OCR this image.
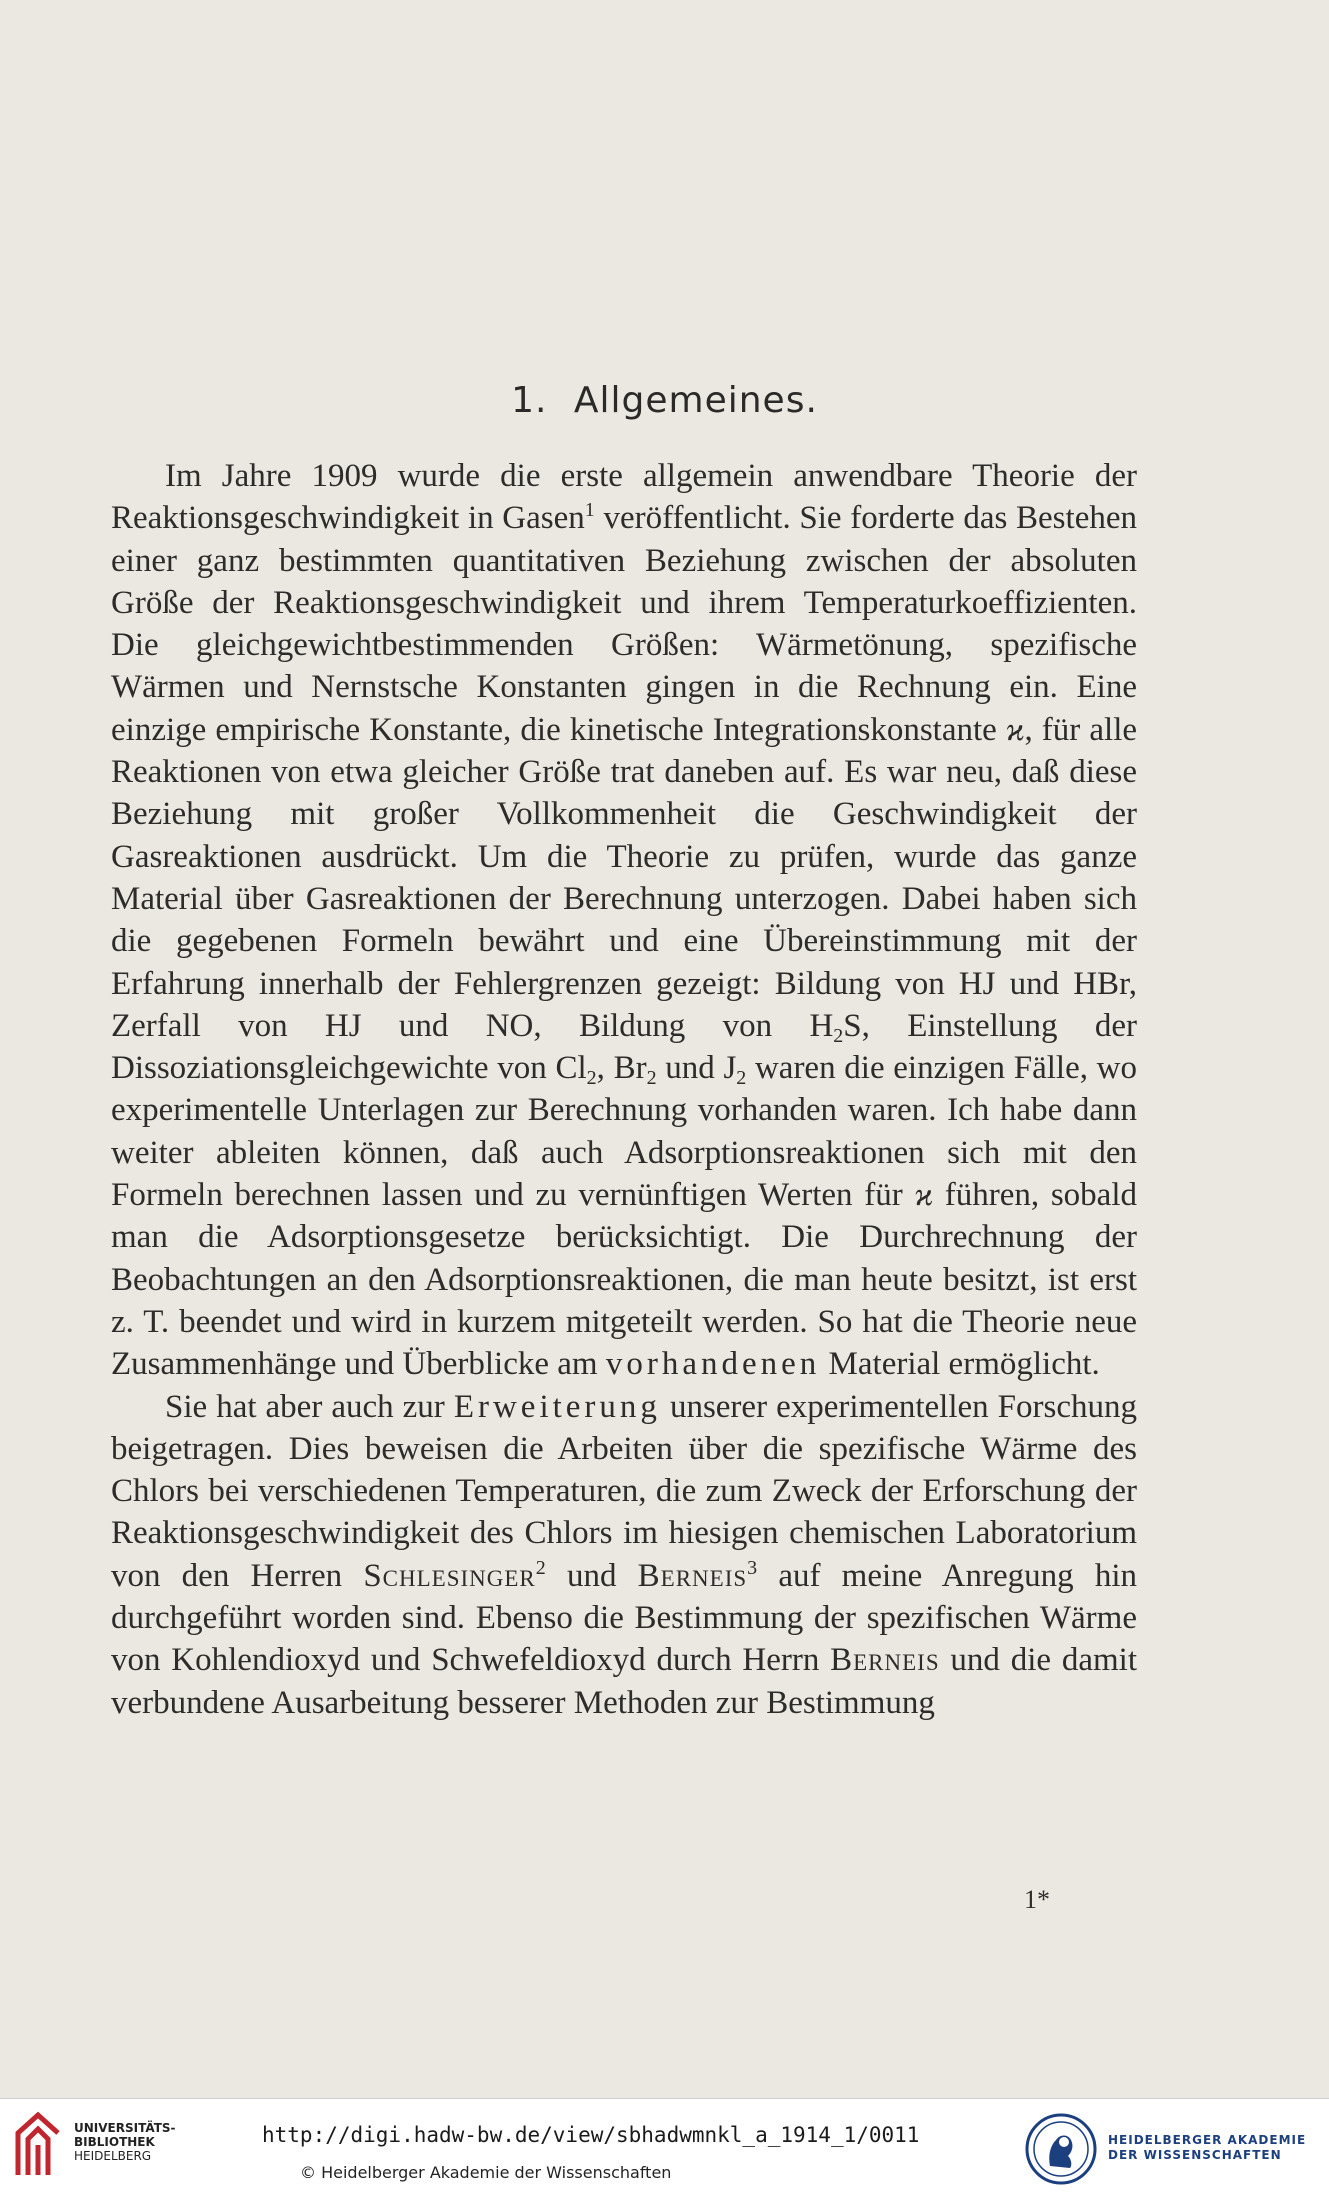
1. Allgemeines.

Im Jahre 1909 wurde die erste allgemein anwendbare Theorie der Reaktionsgeschwindigkeit in Gasen$^1$ veröffentlicht. Sie forderte das Bestehen einer ganz bestimmten quantitativen Beziehung zwischen der absoluten Größe der Reaktionsgeschwindigkeit und ihrem Temperaturkoeffizienten. Die gleichgewichtbestimmenden Größen: Wärmetönung, spezifische Wärmen und Nernstsche Konstanten gingen in die Rechnung ein. Eine einzige empirische Konstante, die kinetische Integrationskonstante ϰ, für alle Reaktionen von etwa gleicher Größe trat daneben auf. Es war neu, daß diese Beziehung mit großer Vollkommenheit die Geschwindigkeit der Gasreaktionen ausdrückt. Um die Theorie zu prüfen, wurde das ganze Material über Gasreaktionen der Berechnung unterzogen. Dabei haben sich die gegebenen Formeln bewährt und eine Übereinstimmung mit der Erfahrung innerhalb der Fehlergrenzen gezeigt: Bildung von HJ und HBr, Zerfall von HJ und NO, Bildung von $H_2S$, Einstellung der Dissoziationsgleichgewichte von $Cl_2$, $Br_2$ und $J_2$ waren die einzigen Fälle, wo experimentelle Unterlagen zur Berechnung vorhanden waren. Ich habe dann weiter ableiten können, daß auch Adsorptionsreaktionen sich mit den Formeln berechnen lassen und zu vernünftigen Werten für ϰ führen, sobald man die Adsorptionsgesetze berücksichtigt. Die Durchrechnung der Beobachtungen an den Adsorptionsreaktionen, die man heute besitzt, ist erst z. T. beendet und wird in kurzem mitgeteilt werden. So hat die Theorie neue Zusammenhänge und Überblicke am vorhandenen Material ermöglicht.

Sie hat aber auch zur Erweiterung unserer experimentellen Forschung beigetragen. Dies beweisen die Arbeiten über die spezifische Wärme des Chlors bei verschiedenen Temperaturen, die zum Zweck der Erforschung der Reaktionsgeschwindigkeit des Chlors im hiesigen chemischen Laboratorium von den Herren Schlesinger$^2$ und Berneis$^3$ auf meine Anregung hin durchgeführt worden sind. Ebenso die Bestimmung der spezifischen Wärme von Kohlendioxyd und Schwefeldioxyd durch Herrn Berneis und die damit verbundene Ausarbeitung besserer Methoden zur Bestimmung

1*
UNIVERSITÄTS-
BIBLIOTHEK
HEIDELBERG
http://digi.hadw-bw.de/view/sbhadwmnkl_a_1914_1/0011
© Heidelberger Akademie der Wissenschaften
HEIDELBERGER AKADEMIE
DER WISSENSCHAFTEN
